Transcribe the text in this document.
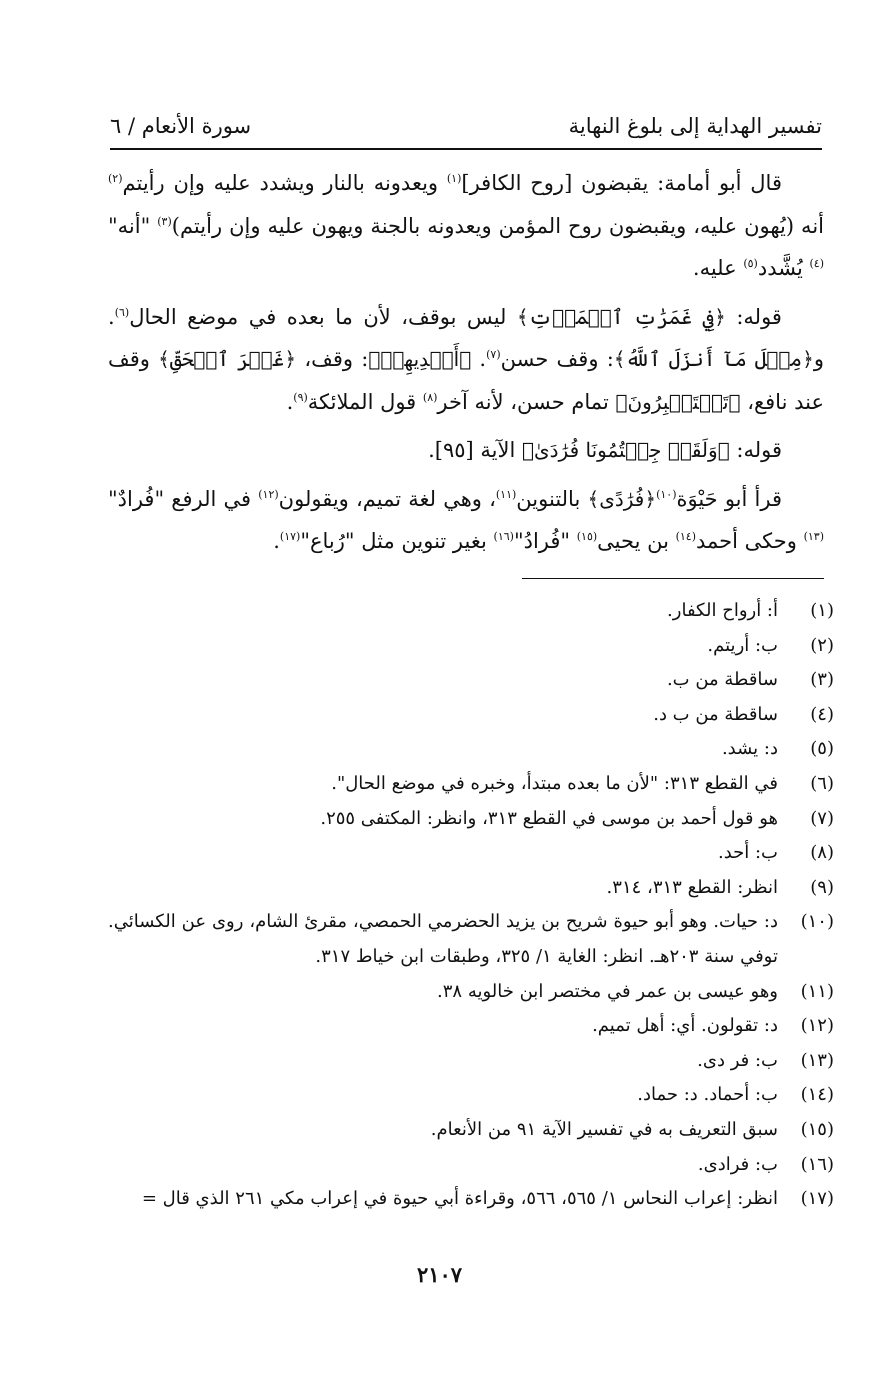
تفسير الهداية إلى بلوغ النهاية
سورة الأنعام / ٦

قال أبو أمامة: يقبضون [روح الكافر]$^{(١)}$ ويعدونه بالنار ويشدد عليه وإن رأيتم$^{(٢)}$ أنه (يُهون عليه، ويقبضون روح المؤمن ويعدونه بالجنة ويهون عليه وإن رأيتم)$^{(٣)}$ "أنه"$^{(٤)}$ يُشَّدد$^{(٥)}$ عليه.

قوله: ﴿فِي غَمَرَٰتِ ٱلۡمَوۡتِ﴾ ليس بوقف، لأن ما بعده في موضع الحال$^{(٦)}$. و﴿مِثۡلَ مَآ أَنزَلَ ٱللَّهُ﴾: وقف حسن$^{(٧)}$. ﴿أَيۡدِيهِمۡ﴾: وقف، ﴿غَيۡرَ ٱلۡحَقِّ﴾ وقف عند نافع، ﴿تَسۡتَكۡبِرُونَ﴾ تمام حسن، لأنه آخر$^{(٨)}$ قول الملائكة$^{(٩)}$.

قوله: ﴿وَلَقَدۡ جِئۡتُمُونَا فُرَٰدَىٰ﴾ الآية [٩٥].

قرأ أبو حَيْوَة$^{(١٠)}$﴿فُرَٰدًى﴾ بالتنوين$^{(١١)}$، وهي لغة تميم، ويقولون$^{(١٢)}$ في الرفع "فُرادٌ"$^{(١٣)}$ وحكى أحمد$^{(١٤)}$ بن يحيى$^{(١٥)}$ "فُرادُ"$^{(١٦)}$ بغير تنوين مثل "رُباع"$^{(١٧)}$.

(١)
أ: أرواح الكفار.
(٢)
ب: أريتم.
(٣)
ساقطة من ب.
(٤)
ساقطة من ب د.
(٥)
د: يشد.
(٦)
في القطع ٣١٣: "لأن ما بعده مبتدأ، وخبره في موضع الحال".
(٧)
هو قول أحمد بن موسى في القطع ٣١٣، وانظر: المكتفى ٢٥٥.
(٨)
ب: أحد.
(٩)
انظر: القطع ٣١٣، ٣١٤.
(١٠)
د: حيات. وهو أبو حيوة شريح بن يزيد الحضرمي الحمصي، مقرئ الشام، روى عن الكسائي. توفي سنة ٢٠٣هـ. انظر: الغاية ١/ ٣٢٥، وطبقات ابن خياط ٣١٧.
(١١)
وهو عيسى بن عمر في مختصر ابن خالويه ٣٨.
(١٢)
د: تقولون. أي: أهل تميم.
(١٣)
ب: فر دى.
(١٤)
ب: أحماد. د: حماد.
(١٥)
سبق التعريف به في تفسير الآية ٩١ من الأنعام.
(١٦)
ب: فرادى.
(١٧)
انظر: إعراب النحاس ١/ ٥٦٥، ٥٦٦، وقراءة أبي حيوة في إعراب مكي ٢٦١ الذي قال =
٢١٠٧
